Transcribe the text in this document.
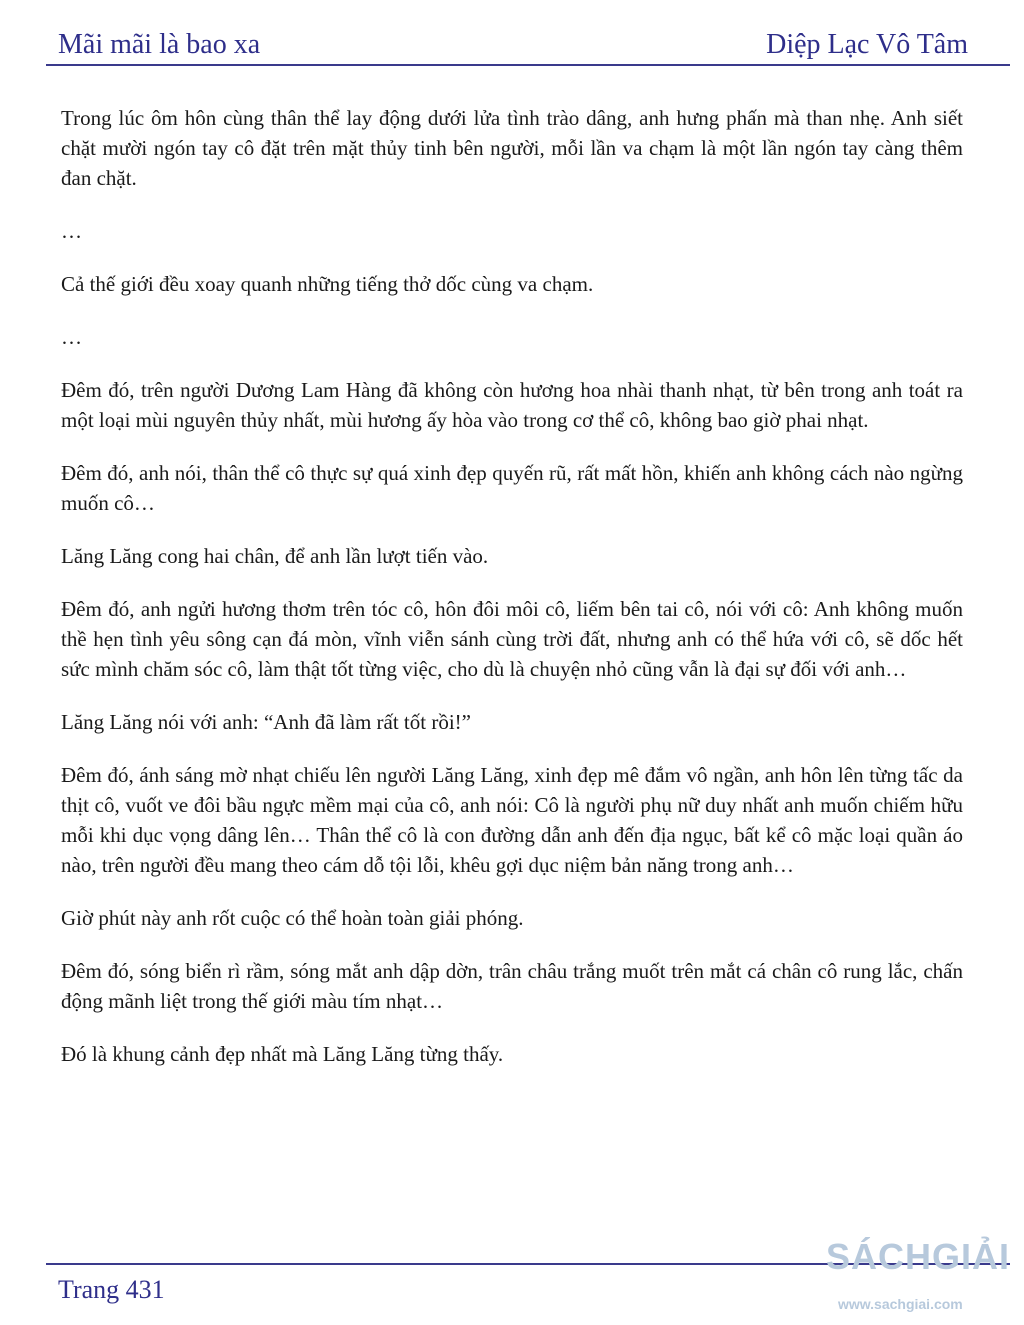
Mãi mãi là bao xa	Diệp Lạc Vô Tâm

Trong lúc ôm hôn cùng thân thể lay động dưới lửa tình trào dâng, anh hưng phấn mà than nhẹ. Anh siết chặt mười ngón tay cô đặt trên mặt thủy tinh bên người, mỗi lần va chạm là một lần ngón tay càng thêm đan chặt.

…

Cả thế giới đều xoay quanh những tiếng thở dốc cùng va chạm.

…

Đêm đó, trên người Dương Lam Hàng đã không còn hương hoa nhài thanh nhạt, từ bên trong anh toát ra một loại mùi nguyên thủy nhất, mùi hương ấy hòa vào trong cơ thể cô, không bao giờ phai nhạt.

Đêm đó, anh nói, thân thể cô thực sự quá xinh đẹp quyến rũ, rất mất hồn, khiến anh không cách nào ngừng muốn cô…

Lăng Lăng cong hai chân, để anh lần lượt tiến vào.

Đêm đó, anh ngửi hương thơm trên tóc cô, hôn đôi môi cô, liếm bên tai cô, nói với cô: Anh không muốn thề hẹn tình yêu sông cạn đá mòn, vĩnh viễn sánh cùng trời đất, nhưng anh có thể hứa với cô, sẽ dốc hết sức mình chăm sóc cô, làm thật tốt từng việc, cho dù là chuyện nhỏ cũng vẫn là đại sự đối với anh…

Lăng Lăng nói với anh: “Anh đã làm rất tốt rồi!”

Đêm đó, ánh sáng mờ nhạt chiếu lên người Lăng Lăng, xinh đẹp mê đắm vô ngần, anh hôn lên từng tấc da thịt cô, vuốt ve đôi bầu ngực mềm mại của cô, anh nói: Cô là người phụ nữ duy nhất anh muốn chiếm hữu mỗi khi dục vọng dâng lên… Thân thể cô là con đường dẫn anh đến địa ngục, bất kể cô mặc loại quần áo nào, trên người đều mang theo cám dỗ tội lỗi, khêu gợi dục niệm bản năng trong anh…

Giờ phút này anh rốt cuộc có thể hoàn toàn giải phóng.

Đêm đó, sóng biển rì rầm, sóng mắt anh dập dờn, trân châu trắng muốt trên mắt cá chân cô rung lắc, chấn động mãnh liệt trong thế giới màu tím nhạt…

Đó là khung cảnh đẹp nhất mà Lăng Lăng từng thấy.

Trang 431
SÁCHGIẢI
www.sachgiai.com
